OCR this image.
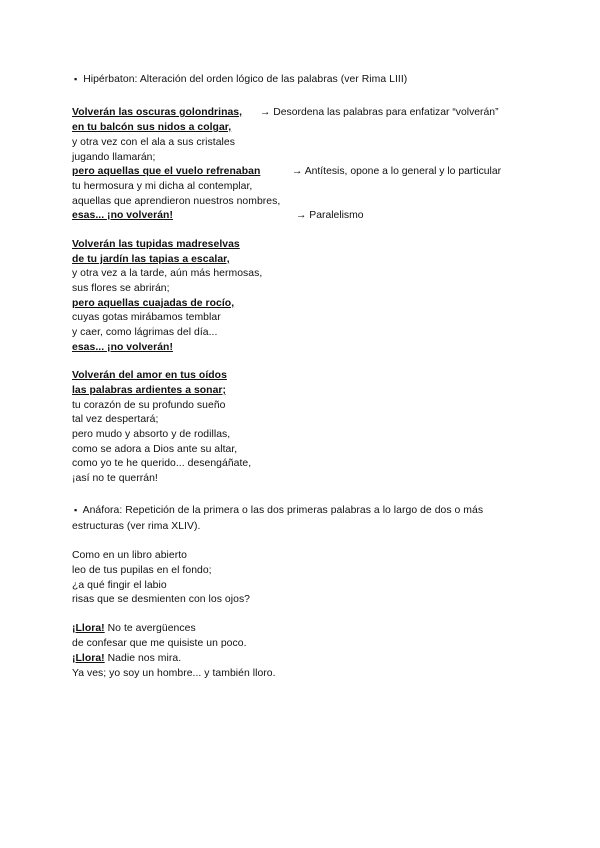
▪ Hipérbaton: Alteración del orden lógico de las palabras (ver Rima LIII)
Volverán las oscuras golondrinas, → Desordena las palabras para enfatizar “volverán”
en tu balcón sus nidos a colgar,
y otra vez con el ala a sus cristales
jugando llamarán;
pero aquellas que el vuelo refrenaban	→ Antítesis, opone a lo general y lo particular
tu hermosura y mi dicha al contemplar,
aquellas que aprendieron nuestros nombres,
esas... ¡no volverán!	→ Paralelismo
Volverán las tupidas madreselvas
de tu jardín las tapias a escalar,
y otra vez a la tarde, aún más hermosas,
sus flores se abrirán;
pero aquellas cuajadas de rocío,
cuyas gotas mirábamos temblar
y caer, como lágrimas del día...
esas... ¡no volverán!
Volverán del amor en tus oídos
las palabras ardientes a sonar;
tu corazón de su profundo sueño
tal vez despertará;
pero mudo y absorto y de rodillas,
como se adora a Dios ante su altar,
como yo te he querido... desengáñate,
¡así no te querrán!
▪ Anáfora: Repetición de la primera o las dos primeras palabras a lo largo de dos o más
estructuras (ver rima XLIV).
Como en un libro abierto
leo de tus pupilas en el fondo;
¿a qué fingir el labio
risas que se desmienten con los ojos?
¡Llora! No te avergüences
de confesar que me quisiste un poco.
¡Llora! Nadie nos mira.
Ya ves; yo soy un hombre... y también lloro.
